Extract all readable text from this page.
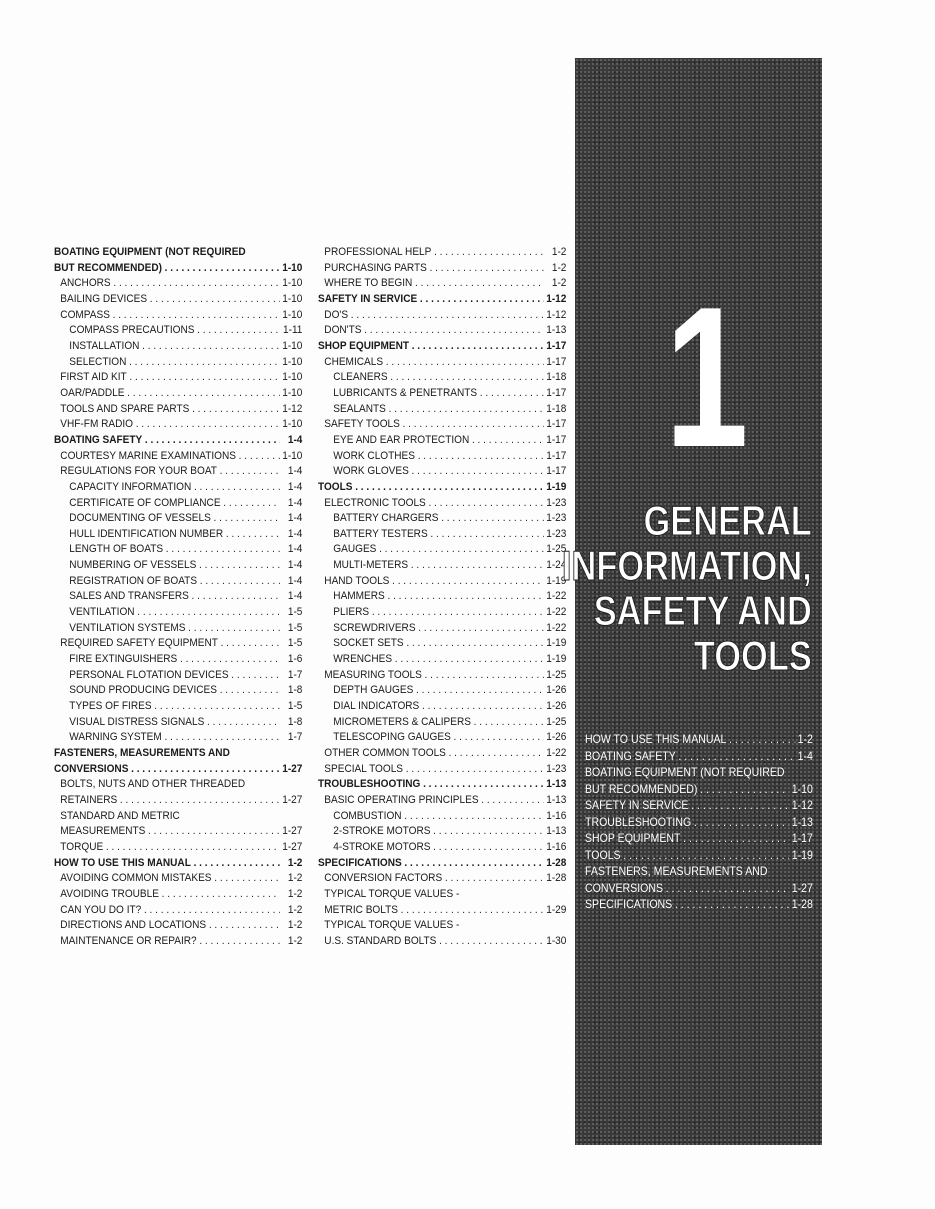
BOATING EQUIPMENT (NOT REQUIRED
BUT RECOMMENDED) . . .	1-10
ANCHORS . . .	1-10
BAILING DEVICES . . .	1-10
COMPASS . . .	1-10
COMPASS PRECAUTIONS . . .	1-11
INSTALLATION . . .	1-10
SELECTION . . .	1-10
FIRST AID KIT . . .	1-10
OAR/PADDLE . . .	1-10
TOOLS AND SPARE PARTS . . .	1-12
VHF-FM RADIO . . .	1-10
BOATING SAFETY . . .	1-4
COURTESY MARINE EXAMINATIONS . . .	1-10
REGULATIONS FOR YOUR BOAT . . .	1-4
CAPACITY INFORMATION . . .	1-4
CERTIFICATE OF COMPLIANCE . . .	1-4
DOCUMENTING OF VESSELS . . .	1-4
HULL IDENTIFICATION NUMBER . . .	1-4
LENGTH OF BOATS . . .	1-4
NUMBERING OF VESSELS . . .	1-4
REGISTRATION OF BOATS . . .	1-4
SALES AND TRANSFERS . . .	1-4
VENTILATION . . .	1-5
VENTILATION SYSTEMS . . .	1-5
REQUIRED SAFETY EQUIPMENT . . .	1-5
FIRE EXTINGUISHERS . . .	1-6
PERSONAL FLOTATION DEVICES . . .	1-7
SOUND PRODUCING DEVICES . . .	1-8
TYPES OF FIRES . . .	1-5
VISUAL DISTRESS SIGNALS . . .	1-8
WARNING SYSTEM . . .	1-7
FASTENERS, MEASUREMENTS AND
CONVERSIONS . . .	1-27
BOLTS, NUTS AND OTHER THREADED
RETAINERS . . .	1-27
STANDARD AND METRIC
MEASUREMENTS . . .	1-27
TORQUE . . .	1-27
HOW TO USE THIS MANUAL . . .	1-2
AVOIDING COMMON MISTAKES . . .	1-2
AVOIDING TROUBLE . . .	1-2
CAN YOU DO IT? . . .	1-2
DIRECTIONS AND LOCATIONS . . .	1-2
MAINTENANCE OR REPAIR? . . .	1-2
PROFESSIONAL HELP . . .	1-2
PURCHASING PARTS . . .	1-2
WHERE TO BEGIN . . .	1-2
SAFETY IN SERVICE . . .	1-12
DO'S . . .	1-12
DON'TS . . .	1-13
SHOP EQUIPMENT . . .	1-17
CHEMICALS . . .	1-17
CLEANERS . . .	1-18
LUBRICANTS & PENETRANTS . . .	1-17
SEALANTS . . .	1-18
SAFETY TOOLS . . .	1-17
EYE AND EAR PROTECTION . . .	1-17
WORK CLOTHES . . .	1-17
WORK GLOVES . . .	1-17
TOOLS . . .	1-19
ELECTRONIC TOOLS . . .	1-23
BATTERY CHARGERS . . .	1-23
BATTERY TESTERS . . .	1-23
GAUGES . . .	1-25
MULTI-METERS . . .	1-24
HAND TOOLS . . .	1-19
HAMMERS . . .	1-22
PLIERS . . .	1-22
SCREWDRIVERS . . .	1-22
SOCKET SETS . . .	1-19
WRENCHES . . .	1-19
MEASURING TOOLS . . .	1-25
DEPTH GAUGES . . .	1-26
DIAL INDICATORS . . .	1-26
MICROMETERS & CALIPERS . . .	1-25
TELESCOPING GAUGES . . .	1-26
OTHER COMMON TOOLS . . .	1-22
SPECIAL TOOLS . . .	1-23
TROUBLESHOOTING . . .	1-13
BASIC OPERATING PRINCIPLES . . .	1-13
COMBUSTION . . .	1-16
2-STROKE MOTORS . . .	1-13
4-STROKE MOTORS . . .	1-16
SPECIFICATIONS . . .	1-28
CONVERSION FACTORS . . .	1-28
TYPICAL TORQUE VALUES -
METRIC BOLTS . . .	1-29
TYPICAL TORQUE VALUES -
U.S. STANDARD BOLTS . . .	1-30
1
GENERAL
INFORMATION,
SAFETY AND
TOOLS
HOW TO USE THIS MANUAL . . .	1-2
BOATING SAFETY . . .	1-4
BOATING EQUIPMENT (NOT REQUIRED
BUT RECOMMENDED) . . .	1-10
SAFETY IN SERVICE . . .	1-12
TROUBLESHOOTING . . .	1-13
SHOP EQUIPMENT . . .	1-17
TOOLS . . .	1-19
FASTENERS, MEASUREMENTS AND
CONVERSIONS . . .	1-27
SPECIFICATIONS . . .	1-28
